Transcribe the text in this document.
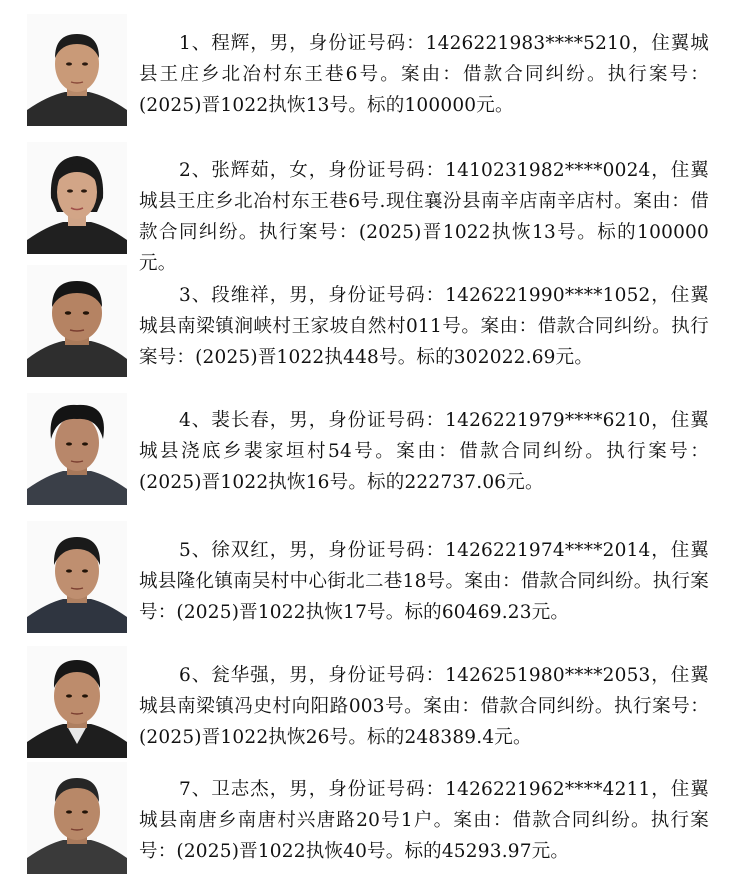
1、程辉，男，身份证号码：1426221983****5210，住翼城县王庄乡北冶村东王巷6号。案由：借款合同纠纷。执行案号：(2025)晋1022执恢13号。标的100000元。
2、张辉茹，女，身份证号码：1410231982****0024，住翼城县王庄乡北冶村东王巷6号.现住襄汾县南辛店南辛店村。案由：借款合同纠纷。执行案号：(2025)晋1022执恢13号。标的100000元。
3、段维祥，男，身份证号码：1426221990****1052，住翼城县南梁镇涧峡村王家坡自然村011号。案由：借款合同纠纷。执行案号：(2025)晋1022执448号。标的302022.69元。
4、裴长春，男，身份证号码：1426221979****6210，住翼城县浇底乡裴家垣村54号。案由：借款合同纠纷。执行案号：(2025)晋1022执恢16号。标的222737.06元。
5、徐双红，男，身份证号码：1426221974****2014，住翼城县隆化镇南吴村中心街北二巷18号。案由：借款合同纠纷。执行案号：(2025)晋1022执恢17号。标的60469.23元。
6、瓮华强，男，身份证号码：1426251980****2053，住翼城县南梁镇冯史村向阳路003号。案由：借款合同纠纷。执行案号：(2025)晋1022执恢26号。标的248389.4元。
7、卫志杰，男，身份证号码：1426221962****4211，住翼城县南唐乡南唐村兴唐路20号1户。案由：借款合同纠纷。执行案号：(2025)晋1022执恢40号。标的45293.97元。
